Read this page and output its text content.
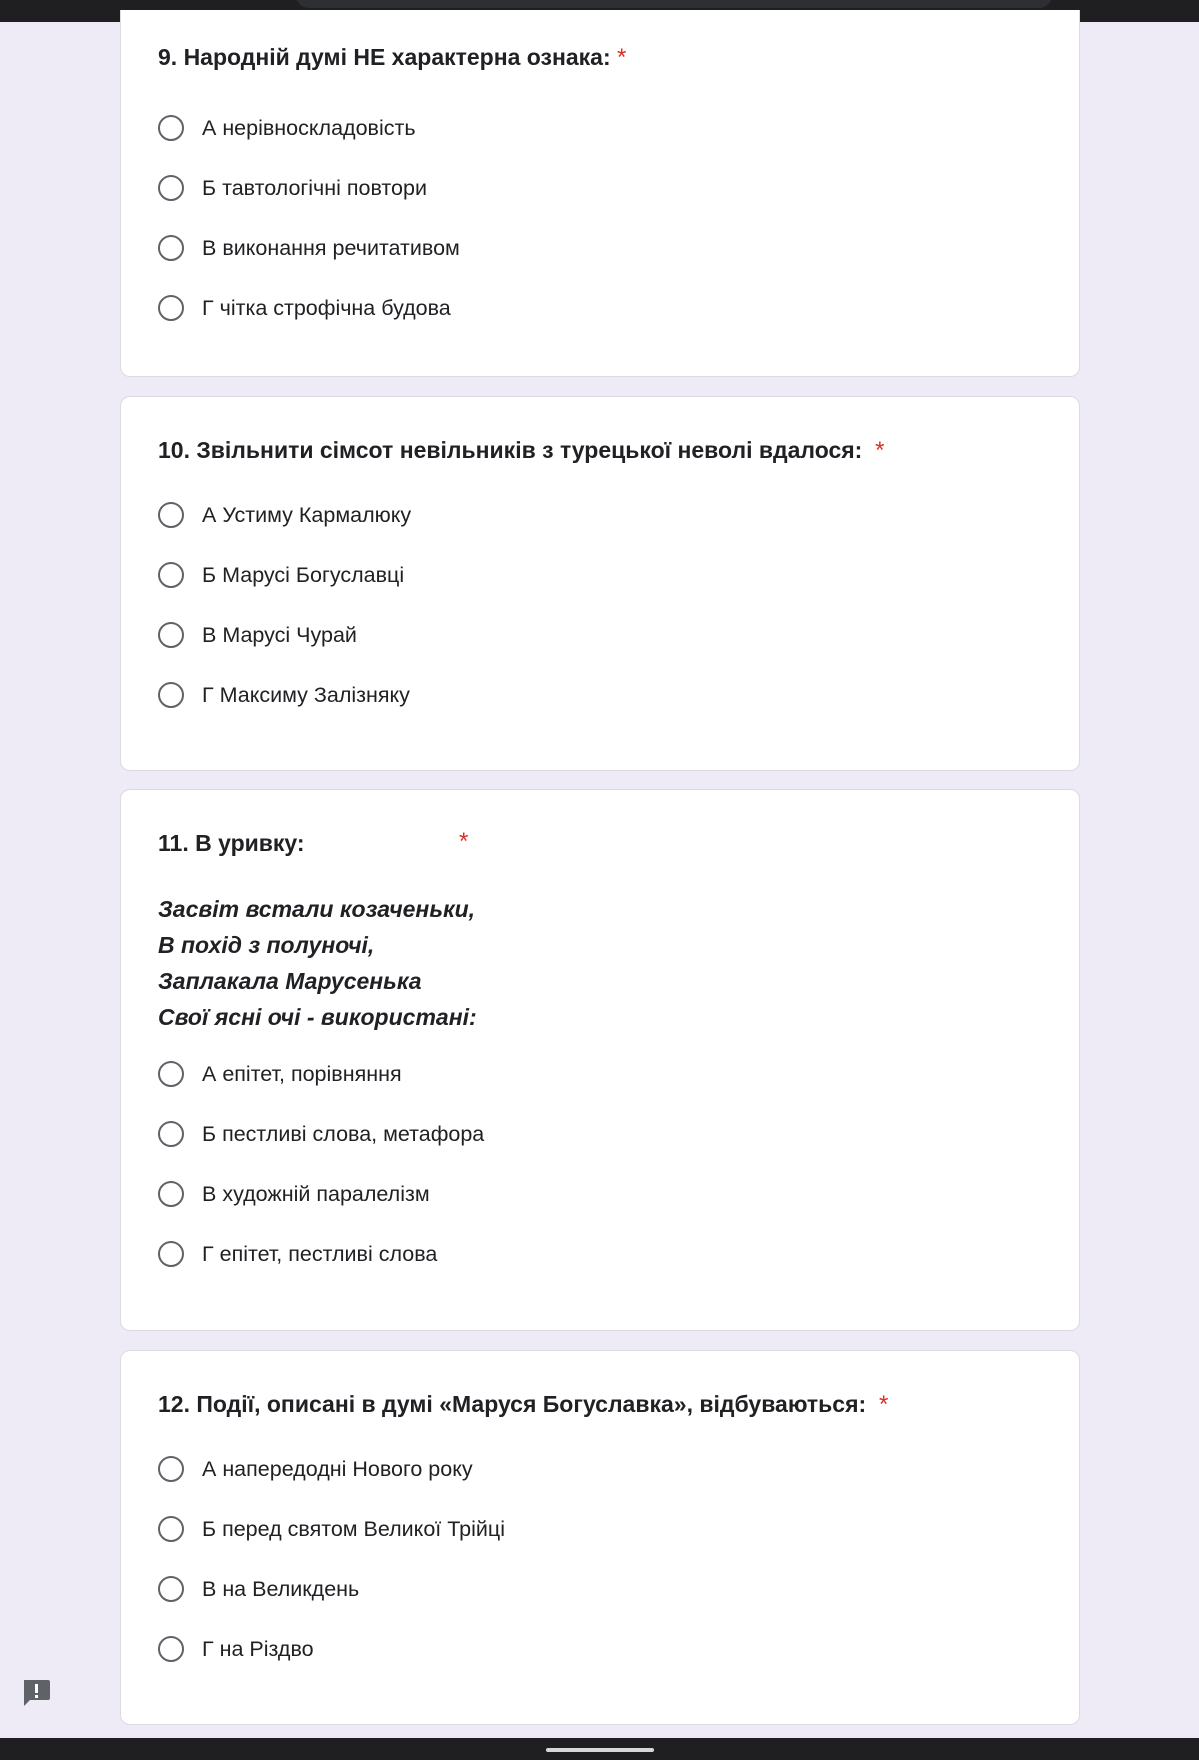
9. Народній думі НЕ характерна ознака: *
А нерівноскладовість
Б тавтологічні повтори
В виконання речитативом
Г чітка строфічна будова
10. Звільнити сімсот невільників з турецької неволі вдалося: *
А Устиму Кармалюку
Б Марусі Богуславці
В Марусі Чурай
Г Максиму Залізняку
11. В уривку:	*
Засвіт встали козаченьки,
В похід з полуночі,
Заплакала Марусенька
Свої ясні очі - використані:
А епітет, порівняння
Б пестливі слова, метафора
В художній паралелізм
Г епітет, пестливі слова
12. Події, описані в думі «Маруся Богуславка», відбуваються: *
А напередодні Нового року
Б перед святом Великої Трійці
В на Великдень
Г на Різдво
